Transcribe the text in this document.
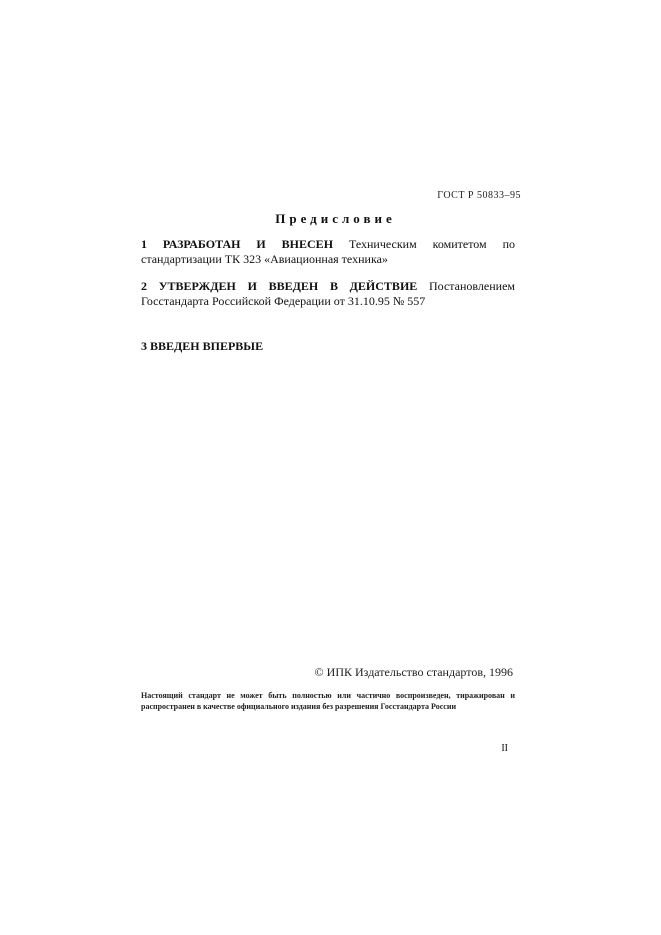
ГОСТ Р 50833–95
Предисловие
1 РАЗРАБОТАН И ВНЕСЕН Техническим комитетом по стандартизации ТК 323 «Авиационная техника»
2 УТВЕРЖДЕН И ВВЕДЕН В ДЕЙСТВИЕ Постановлением Госстандарта Российской Федерации от 31.10.95 № 557
3 ВВЕДЕН ВПЕРВЫЕ
© ИПК Издательство стандартов, 1996
Настоящий стандарт не может быть полностью или частично воспроизведен, тиражирован и распространен в качестве официального издания без разрешения Госстандарта России
II
